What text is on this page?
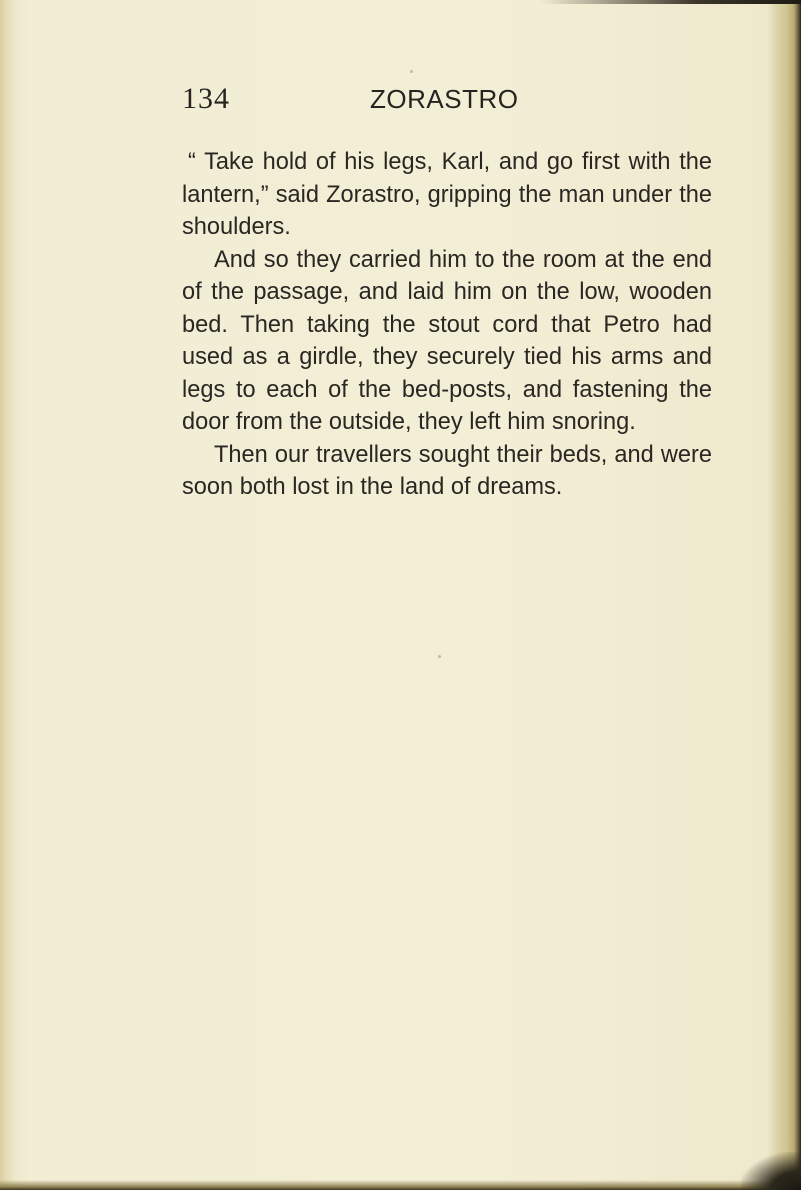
134	ZORASTRO

“ Take hold of his legs, Karl, and go first with the lantern,” said Zorastro, gripping the man under the shoulders.

And so they carried him to the room at the end of the passage, and laid him on the low, wooden bed. Then taking the stout cord that Petro had used as a girdle, they securely tied his arms and legs to each of the bed-posts, and fastening the door from the outside, they left him snoring.

Then our travellers sought their beds, and were soon both lost in the land of dreams.
